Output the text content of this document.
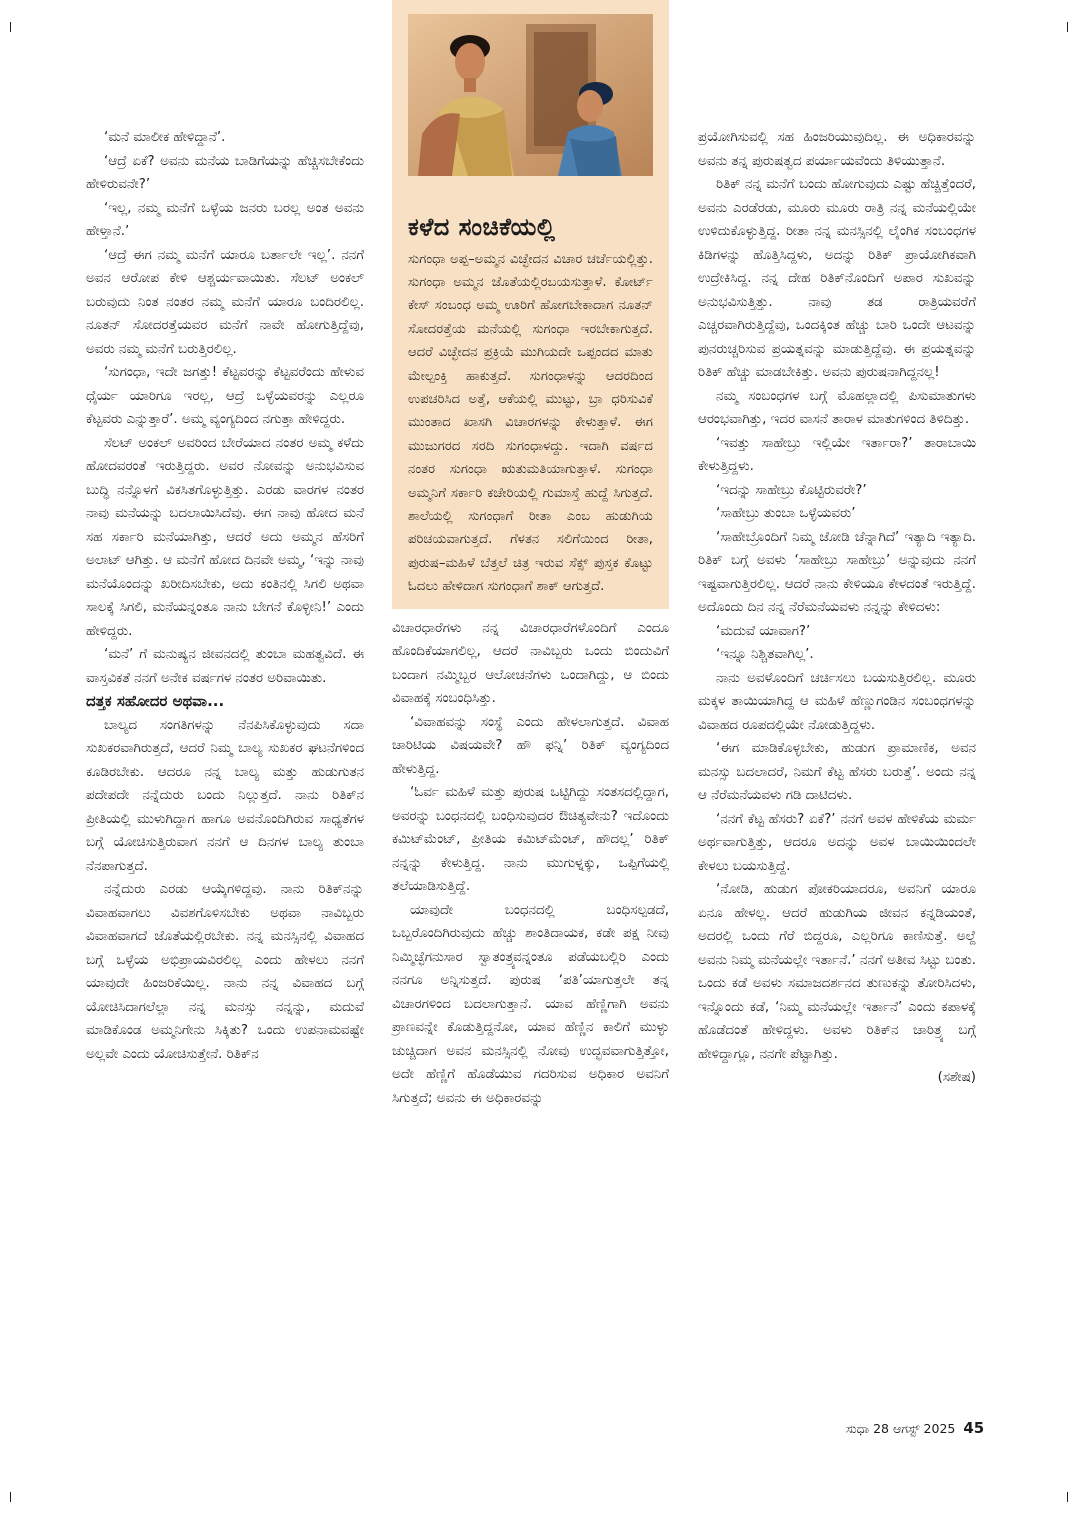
‘ಮನೆ ಮಾಲೀಕ ಹೇಳಿದ್ದಾನೆ’.

‘ಆದ್ರೆ ಏಕೆ? ಅವನು ಮನೆಯ ಬಾಡಿಗೆಯನ್ನು ಹೆಚ್ಚಿಸಬೇಕೆಂದು ಹೇಳಿರುವನೇ?’

‘ಇಲ್ಲ, ನಮ್ಮ ಮನೆಗೆ ಒಳ್ಳೆಯ ಜನರು ಬರಲ್ಲ ಅಂತ ಅವನು ಹೇಳ್ತಾನೆ.’

‘ಆದ್ರೆ ಈಗ ನಮ್ಮ ಮನೆಗೆ ಯಾರೂ ಬರ್ತಾಲೇ ಇಲ್ಲ’. ನನಗೆ ಅವನ ಆರೋಪ ಕೇಳಿ ಆಶ್ಚರ್ಯವಾಯಿತು. ಸೆಲಟ್ ಅಂಕಲ್ ಬರುವುದು ನಿಂತ ನಂತರ ನಮ್ಮ ಮನೆಗೆ ಯಾರೂ ಬಂದಿರಲಿಲ್ಲ. ನೂತನ್ ಸೋದರತ್ತೆಯವರ ಮನೆಗೆ ನಾವೇ ಹೋಗುತ್ತಿದ್ದೆವು, ಅವರು ನಮ್ಮ ಮನೆಗೆ ಬರುತ್ತಿರಲಿಲ್ಲ.

‘ಸುಗಂಧಾ, ಇದೇ ಜಗತ್ತು! ಕೆಟ್ಟವರನ್ನು ಕೆಟ್ಟವರೆಂದು ಹೇಳುವ ಧೈರ್ಯ ಯಾರಿಗೂ ಇರಲ್ಲ, ಆದ್ರೆ ಒಳ್ಳೆಯವರನ್ನು ಎಲ್ಲರೂ ಕೆಟ್ಟವರು ಎನ್ನುತ್ತಾರೆ’. ಅಮ್ಮ ವ್ಯಂಗ್ಯದಿಂದ ನಗುತ್ತಾ ಹೇಳಿದ್ದರು.

ಸೆಲಟ್ ಅಂಕಲ್ ಅವರಿಂದ ಬೇರೆಯಾದ ನಂತರ ಅಮ್ಮ ಕಳೆದು ಹೋದವರಂತೆ ಇರುತ್ತಿದ್ದರು. ಅವರ ನೋವನ್ನು ಅನುಭವಿಸುವ ಬುದ್ಧಿ ನನ್ನೊಳಗೆ ವಿಕಸಿತಗೊಳ್ಳುತ್ತಿತ್ತು. ಎರಡು ವಾರಗಳ ನಂತರ ನಾವು ಮನೆಯನ್ನು ಬದಲಾಯಿಸಿದೆವು. ಈಗ ನಾವು ಹೋದ ಮನೆ ಸಹ ಸರ್ಕಾರಿ ಮನೆಯಾಗಿತ್ತು, ಆದರೆ ಅದು ಅಮ್ಮನ ಹೆಸರಿಗೆ ಅಲಾಟ್ ಆಗಿತ್ತು. ಆ ಮನೆಗೆ ಹೋದ ದಿನವೇ ಅಮ್ಮ, ‘ಇನ್ನು ನಾವು ಮನೆಯೊಂದನ್ನು ಖರೀದಿಸಬೇಕು, ಅದು ಕಂತಿನಲ್ಲಿ ಸಿಗಲಿ ಅಥವಾ ಸಾಲಕ್ಕೆ ಸಿಗಲಿ, ಮನೆಯನ್ನಂತೂ ನಾನು ಬೇಗನೆ ಕೊಳ್ಳೀನಿ!’ ಎಂದು ಹೇಳಿದ್ದರು.

‘ಮನೆ’ ಗೆ ಮನುಷ್ಯನ ಜೀವನದಲ್ಲಿ ತುಂಬಾ ಮಹತ್ವವಿದೆ. ಈ ವಾಸ್ತವಿಕತೆ ನನಗೆ ಅನೇಕ ವರ್ಷಗಳ ನಂತರ ಅರಿವಾಯಿತು.

ದತ್ತಕ ಸಹೋದರ ಅಥವಾ...

ಬಾಲ್ಯದ ಸಂಗತಿಗಳನ್ನು ನೆನಪಿಸಿಕೊಳ್ಳುವುದು ಸದಾ ಸುಖಕರವಾಗಿರುತ್ತದೆ, ಆದರೆ ನಿಮ್ಮ ಬಾಲ್ಯ ಸುಖಕರ ಘಟನೆಗಳಿಂದ ಕೂಡಿರಬೇಕು. ಆದರೂ ನನ್ನ ಬಾಲ್ಯ ಮತ್ತು ಹುಡುಗುತನ ಪದೇಪದೇ ನನ್ನೆದುರು ಬಂದು ನಿಲ್ಲುತ್ತದೆ. ನಾನು ರಿತಿಕ್‌ನ ಪ್ರೀತಿಯಲ್ಲಿ ಮುಳುಗಿದ್ದಾಗ ಹಾಗೂ ಅವನೊಂದಿಗಿರುವ ಸಾಧ್ಯತೆಗಳ ಬಗ್ಗೆ ಯೋಚಿಸುತ್ತಿರುವಾಗ ನನಗೆ ಆ ದಿನಗಳ ಬಾಲ್ಯ ತುಂಬಾ ನೆನಪಾಗುತ್ತದೆ.

ನನ್ನೆದುರು ಎರಡು ಆಯ್ಕೆಗಳಿದ್ದವು. ನಾನು ರಿತಿಕ್‌ನನ್ನು ವಿವಾಹವಾಗಲು ವಿವಶಗೊಳಿಸಬೇಕು ಅಥವಾ ನಾವಿಬ್ಬರು ವಿವಾಹವಾಗದೆ ಜೊತೆಯಲ್ಲಿರಬೇಕು. ನನ್ನ ಮನಸ್ಸಿನಲ್ಲಿ ವಿವಾಹದ ಬಗ್ಗೆ ಒಳ್ಳೆಯ ಅಭಿಪ್ರಾಯವಿರಲಿಲ್ಲ ಎಂದು ಹೇಳಲು ನನಗೆ ಯಾವುದೇ ಹಿಂಜರಿಕೆಯಿಲ್ಲ. ನಾನು ನನ್ನ ವಿವಾಹದ ಬಗ್ಗೆ ಯೋಚಿಸಿದಾಗಲೆಲ್ಲಾ ನನ್ನ ಮನಸ್ಸು ನನ್ನನ್ನು, ಮದುವೆ ಮಾಡಿಕೊಂಡ ಅಮ್ಮನಿಗೇನು ಸಿಕ್ಕಿತು? ಒಂದು ಉಪನಾಮವಷ್ಟೇ ಅಲ್ಲವೇ ಎಂದು ಯೋಚಿಸುತ್ತೇನೆ. ರಿತಿಕ್‌ನ

ಕಳೆದ ಸಂಚಿಕೆಯಲ್ಲಿ

ಸುಗಂಧಾ ಅಪ್ಪ–ಅಮ್ಮನ ವಿಚ್ಛೇದನ ವಿಚಾರ ಚರ್ಚೆಯಲ್ಲಿತ್ತು. ಸುಗಂಧಾ ಅಮ್ಮನ ಜೊತೆಯಲ್ಲಿರಬಯಸುತ್ತಾಳೆ. ಕೋರ್ಟ್ ಕೇಸ್ ಸಂಬಂಧ ಅಮ್ಮ ಊರಿಗೆ ಹೋಗಬೇಕಾದಾಗ ನೂತನ್ ಸೋದರತ್ತೆಯ ಮನೆಯಲ್ಲಿ ಸುಗಂಧಾ ಇರಬೇಕಾಗುತ್ತದೆ. ಆದರೆ ವಿಚ್ಛೇದನ ಪ್ರಕ್ರಿಯೆ ಮುಗಿಯದೇ ಒಪ್ಪಂದದ ಮಾತು ಮೇಲ್ಪಂಕ್ತಿ ಹಾಕುತ್ತದೆ. ಸುಗಂಧಾಳನ್ನು ಆದರದಿಂದ ಉಪಚರಿಸಿದ ಅತ್ತೆ, ಆಕೆಯಲ್ಲಿ ಮುಟ್ಟು, ಬ್ರಾ ಧರಿಸುವಿಕೆ ಮುಂತಾದ ಖಾಸಗಿ ವಿಚಾರಗಳನ್ನು ಕೇಳುತ್ತಾಳೆ. ಈಗ ಮುಜುಗರದ ಸರದಿ ಸುಗಂಧಾಳದ್ದು. ಇದಾಗಿ ವರ್ಷದ ನಂತರ ಸುಗಂಧಾ ಋತುಮತಿಯಾಗುತ್ತಾಳೆ. ಸುಗಂಧಾ ಅಮ್ಮನಿಗೆ ಸರ್ಕಾರಿ ಕಚೇರಿಯಲ್ಲಿ ಗುಮಾಸ್ತೆ ಹುದ್ದೆ ಸಿಗುತ್ತದೆ. ಶಾಲೆಯಲ್ಲಿ ಸುಗಂಧಾಗೆ ರೀತಾ ಎಂಬ ಹುಡುಗಿಯ ಪರಿಚಯವಾಗುತ್ತದೆ. ಗೆಳತನ ಸಲಿಗೆಯಿಂದ ರೀತಾ, ಪುರುಷ–ಮಹಿಳೆ ಬೆತ್ತಲೆ ಚಿತ್ರ ಇರುವ ಸೆಕ್ಸ್ ಪುಸ್ತಕ ಕೊಟ್ಟು ಓದಲು ಹೇಳಿದಾಗ ಸುಗಂಧಾಗೆ ಶಾಕ್ ಆಗುತ್ತದೆ.

ವಿಚಾರಧಾರೆಗಳು ನನ್ನ ವಿಚಾರಧಾರೆಗಳೊಂದಿಗೆ ಎಂದೂ ಹೊಂದಿಕೆಯಾಗಲಿಲ್ಲ, ಆದರೆ ನಾವಿಬ್ಬರು ಒಂದು ಬಿಂದುವಿಗೆ ಬಂದಾಗ ನಮ್ಮಿಬ್ಬರ ಆಲೋಚನೆಗಳು ಒಂದಾಗಿದ್ದು, ಆ ಬಿಂದು ವಿವಾಹಕ್ಕೆ ಸಂಬಂಧಿಸಿತ್ತು.

‘ವಿವಾಹವನ್ನು ಸಂಸ್ಥೆ ಎಂದು ಹೇಳಲಾಗುತ್ತದೆ. ವಿವಾಹ ಚಾರಿಟಿಯ ವಿಷಯವೇ? ಹೌ ಫನ್ನಿ’ ರಿತಿಕ್ ವ್ಯಂಗ್ಯದಿಂದ ಹೇಳುತ್ತಿದ್ದ.

‘ಓರ್ವ ಮಹಿಳೆ ಮತ್ತು ಪುರುಷ ಒಟ್ಟಿಗಿದ್ದು ಸಂತಸದಲ್ಲಿದ್ದಾಗ, ಅವರನ್ನು ಬಂಧನದಲ್ಲಿ ಬಂಧಿಸುವುದರ ಔಚಿತ್ಯವೇನು? ಇದೊಂದು ಕಮಿಟ್‌ಮೆಂಟ್, ಪ್ರೀತಿಯ ಕಮಿಟ್‌ಮೆಂಟ್, ಹೌದಲ್ಲ’ ರಿತಿಕ್ ನನ್ನನ್ನು ಕೇಳುತ್ತಿದ್ದ. ನಾನು ಮುಗುಳ್ನಕ್ಕು, ಒಪ್ಪಿಗೆಯಲ್ಲಿ ತಲೆಯಾಡಿಸುತ್ತಿದ್ದೆ.

ಯಾವುದೇ ಬಂಧನದಲ್ಲಿ ಬಂಧಿಸಲ್ಪಡದೆ, ಒಬ್ಬರೊಂದಿಗಿರುವುದು ಹೆಚ್ಚು ಶಾಂತಿದಾಯಕ, ಕಡೇ ಪಕ್ಷ ನೀವು ನಿಮ್ಮಿಚ್ಛೆಗನುಸಾರ ಸ್ವಾತಂತ್ರ್ಯವನ್ನಂತೂ ಪಡೆಯಬಲ್ಲಿರಿ ಎಂದು ನನಗೂ ಅನ್ನಿಸುತ್ತದೆ. ಪುರುಷ ‘ಪತಿ’ಯಾಗುತ್ತಲೇ ತನ್ನ ವಿಚಾರಗಳಿಂದ ಬದಲಾಗುತ್ತಾನೆ. ಯಾವ ಹೆಣ್ಣಿಗಾಗಿ ಅವನು ಪ್ರಾಣವನ್ನೇ ಕೊಡುತ್ತಿದ್ದನೋ, ಯಾವ ಹೆಣ್ಣಿನ ಕಾಲಿಗೆ ಮುಳ್ಳು ಚುಚ್ಚಿದಾಗ ಅವನ ಮನಸ್ಸಿನಲ್ಲಿ ನೋವು ಉದ್ಭವವಾಗುತ್ತಿತ್ತೋ, ಅದೇ ಹೆಣ್ಣಿಗೆ ಹೊಡೆಯುವ ಗದರಿಸುವ ಅಧಿಕಾರ ಅವನಿಗೆ ಸಿಗುತ್ತದೆ; ಅವನು ಈ ಅಧಿಕಾರವನ್ನು

ಪ್ರಯೋಗಿಸುವಲ್ಲಿ ಸಹ ಹಿಂಜರಿಯುವುದಿಲ್ಲ. ಈ ಅಧಿಕಾರವನ್ನು ಅವನು ತನ್ನ ಪುರುಷತ್ವದ ಪರ್ಯಾಯವೆಂದು ತಿಳಿಯುತ್ತಾನೆ.

ರಿತಿಕ್ ನನ್ನ ಮನೆಗೆ ಬಂದು ಹೋಗುವುದು ಎಷ್ಟು ಹೆಚ್ಚಿತ್ತೆಂದರೆ, ಅವನು ಎರಡೆರಡು, ಮೂರು ಮೂರು ರಾತ್ರಿ ನನ್ನ ಮನೆಯಲ್ಲಿಯೇ ಉಳಿದುಕೊಳ್ಳುತ್ತಿದ್ದ. ರೀತಾ ನನ್ನ ಮನಸ್ಸಿನಲ್ಲಿ ಲೈಂಗಿಕ ಸಂಬಂಧಗಳ ಕಿಡಿಗಳನ್ನು ಹೊತ್ತಿಸಿದ್ದಳು, ಅದನ್ನು ರಿತಿಕ್ ಪ್ರಾಯೋಗಿಕವಾಗಿ ಉದ್ರೇಕಿಸಿದ್ದ. ನನ್ನ ದೇಹ ರಿತಿಕ್‌ನೊಂದಿಗೆ ಅಪಾರ ಸುಖವನ್ನು ಅನುಭವಿಸುತ್ತಿತ್ತು. ನಾವು ತಡ ರಾತ್ರಿಯವರೆಗೆ ಎಚ್ಚರವಾಗಿರುತ್ತಿದ್ದೆವು, ಒಂದಕ್ಕಿಂತ ಹೆಚ್ಚು ಬಾರಿ ಒಂದೇ ಆಟವನ್ನು ಪುನರುಚ್ಚರಿಸುವ ಪ್ರಯತ್ನವನ್ನು ಮಾಡುತ್ತಿದ್ದೆವು. ಈ ಪ್ರಯತ್ನವನ್ನು ರಿತಿಕ್ ಹೆಚ್ಚು ಮಾಡಬೇಕಿತ್ತು. ಅವನು ಪುರುಷನಾಗಿದ್ದನಲ್ಲ!

ನಮ್ಮ ಸಂಬಂಧಗಳ ಬಗ್ಗೆ ಮೊಹಲ್ಲಾದಲ್ಲಿ ಪಿಸುಮಾತುಗಳು ಆರಂಭವಾಗಿತ್ತು, ಇದರ ವಾಸನೆ ತಾರಾಳ ಮಾತುಗಳಿಂದ ತಿಳಿದಿತ್ತು.

‘ಇವತ್ತು ಸಾಹೇಬ್ರು ಇಲ್ಲಿಯೇ ಇರ್ತಾರಾ?’ ತಾರಾಬಾಯಿ ಕೇಳುತ್ತಿದ್ದಳು.

‘ಇದನ್ನು ಸಾಹೇಬ್ರು ಕೊಟ್ಟಿರುವರೇ?’

‘ಸಾಹೇಬ್ರು ತುಂಬಾ ಒಳ್ಳೆಯವರು’

‘ಸಾಹೇಬ್ರೊಂದಿಗೆ ನಿಮ್ಮ ಜೋಡಿ ಚೆನ್ನಾಗಿದೆ’ ಇತ್ಯಾದಿ ಇತ್ಯಾದಿ. ರಿತಿಕ್ ಬಗ್ಗೆ ಅವಳು ‘ಸಾಹೇಬ್ರು ಸಾಹೇಬ್ರು’ ಅನ್ನುವುದು ನನಗೆ ಇಷ್ಟವಾಗುತ್ತಿರಲಿಲ್ಲ. ಆದರೆ ನಾನು ಕೇಳಿಯೂ ಕೇಳದಂತೆ ಇರುತ್ತಿದ್ದೆ. ಅದೊಂದು ದಿನ ನನ್ನ ನೆರೆಮನೆಯವಳು ನನ್ನನ್ನು ಕೇಳಿದಳು:

‘ಮದುವೆ ಯಾವಾಗ?’

‘ಇನ್ನೂ ನಿಶ್ಚಿತವಾಗಿಲ್ಲ’.

ನಾನು ಅವಳೊಂದಿಗೆ ಚರ್ಚಿಸಲು ಬಯಸುತ್ತಿರಲಿಲ್ಲ. ಮೂರು ಮಕ್ಕಳ ತಾಯಿಯಾಗಿದ್ದ ಆ ಮಹಿಳೆ ಹೆಣ್ಣುಗಂಡಿನ ಸಂಬಂಧಗಳನ್ನು ವಿವಾಹದ ರೂಪದಲ್ಲಿಯೇ ನೋಡುತ್ತಿದ್ದಳು.

‘ಈಗ ಮಾಡಿಕೊಳ್ಳಬೇಕು, ಹುಡುಗ ಪ್ರಾಮಾಣಿಕ, ಅವನ ಮನಸ್ಸು ಬದಲಾದರೆ, ನಿಮಗೆ ಕೆಟ್ಟ ಹೆಸರು ಬರುತ್ತೆ’. ಅಂದು ನನ್ನ ಆ ನೆರೆಮನೆಯವಳು ಗಡಿ ದಾಟಿದಳು.

‘ನನಗೆ ಕೆಟ್ಟ ಹೆಸರು? ಏಕೆ?’ ನನಗೆ ಅವಳ ಹೇಳಿಕೆಯ ಮರ್ಮ ಅರ್ಥವಾಗುತ್ತಿತ್ತು, ಆದರೂ ಅದನ್ನು ಅವಳ ಬಾಯಿಯಿಂದಲೇ ಕೇಳಲು ಬಯಸುತ್ತಿದ್ದೆ.

‘ನೋಡಿ, ಹುಡುಗ ಪೋಕರಿಯಾದರೂ, ಅವನಿಗೆ ಯಾರೂ ಏನೂ ಹೇಳಲ್ಲ. ಆದರೆ ಹುಡುಗಿಯ ಜೀವನ ಕನ್ನಡಿಯಂತೆ, ಅದರಲ್ಲಿ ಒಂದು ಗೆರೆ ಬಿದ್ದರೂ, ಎಲ್ಲರಿಗೂ ಕಾಣಿಸುತ್ತೆ. ಅಲ್ದೆ ಅವನು ನಿಮ್ಮ ಮನೆಯಲ್ಲೇ ಇರ್ತಾನೆ.’ ನನಗೆ ಅತೀವ ಸಿಟ್ಟು ಬಂತು. ಒಂದು ಕಡೆ ಅವಳು ಸಮಾಜದರ್ಶನದ ತುಣುಕನ್ನು ತೋರಿಸಿದಳು, ಇನ್ನೊಂದು ಕಡೆ, ‘ನಿಮ್ಮ ಮನೆಯಲ್ಲೇ ಇರ್ತಾನೆ’ ಎಂದು ಕಪಾಳಕ್ಕೆ ಹೊಡೆದಂತೆ ಹೇಳಿದ್ದಳು. ಅವಳು ರಿತಿಕ್‌ನ ಚಾರಿತ್ರ್ಯ ಬಗ್ಗೆ ಹೇಳಿದ್ದಾಗ್ಲೂ, ನನಗೇ ಪೆಟ್ಟಾಗಿತ್ತು.

(ಸಶೇಷ)

ಸುಧಾ 28 ಆಗಸ್ಟ್ 2025 45
